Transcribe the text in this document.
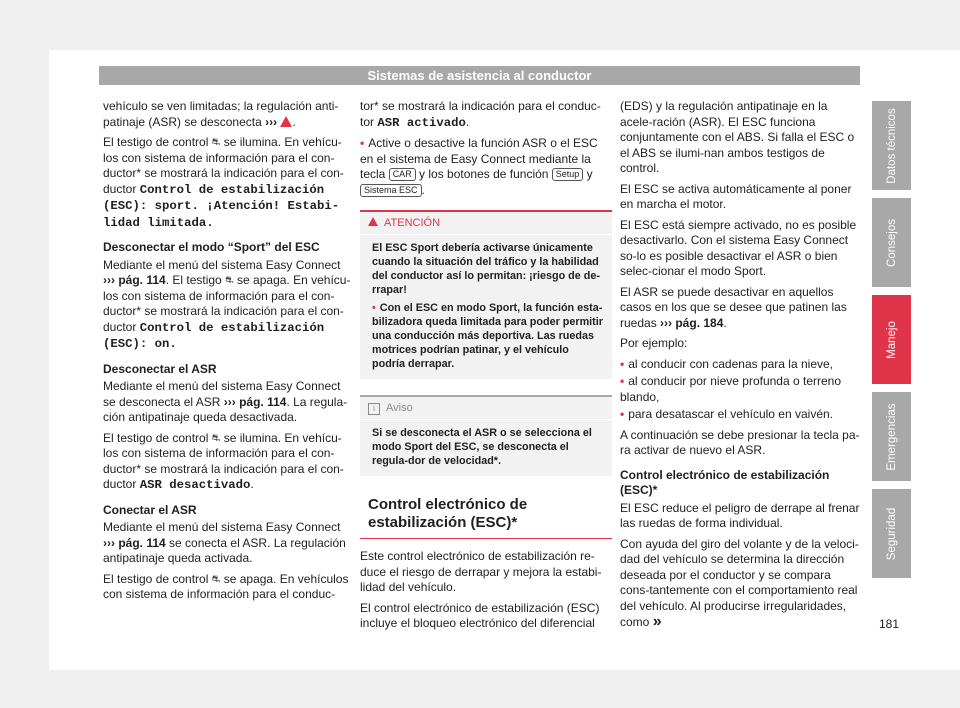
Sistemas de asistencia al conductor

vehículo se ven limitadas; la regulación anti-patinaje (ASR) se desconecta ››› .

El testigo de control ⛐ se ilumina. En vehícu-los con sistema de información para el con-ductor* se mostrará la indicación para el con-ductor Control de estabilización (ESC): sport. ¡Atención! Estabi-lidad limitada.

Desconectar el modo “Sport” del ESC

Mediante el menú del sistema Easy Connect ››› pág. 114. El testigo ⛐ se apaga. En vehícu-los con sistema de información para el con-ductor* se mostrará la indicación para el con-ductor Control de estabilización (ESC): on.

Desconectar el ASR

Mediante el menú del sistema Easy Connect se desconecta el ASR ››› pág. 114. La regula-ción antipatinaje queda desactivada.

El testigo de control ⛐ se ilumina. En vehícu-los con sistema de información para el con-ductor* se mostrará la indicación para el con-ductor ASR desactivado.

Conectar el ASR

Mediante el menú del sistema Easy Connect ››› pág. 114 se conecta el ASR. La regulación antipatinaje queda activada.

El testigo de control ⛐ se apaga. En vehículos con sistema de información para el conduc-

tor* se mostrará la indicación para el conduc-tor ASR activado.

• Active o desactive la función ASR o el ESC en el sistema de Easy Connect mediante la tecla CAR y los botones de función Setup y Sistema ESC .

ATENCIÓN

El ESC Sport debería activarse únicamente cuando la situación del tráfico y la habilidad del conductor así lo permitan: ¡riesgo de de-rrapar!

• Con el ESC en modo Sport, la función esta-bilizadora queda limitada para poder permitir una conducción más deportiva. Las ruedas motrices podrían patinar, y el vehículo podría derrapar.

i Aviso

Si se desconecta el ASR o se selecciona el modo Sport del ESC, se desconecta el regula-dor de velocidad*.

Control electrónico de estabilización (ESC)*

Este control electrónico de estabilización re-duce el riesgo de derrapar y mejora la estabi-lidad del vehículo.

El control electrónico de estabilización (ESC) incluye el bloqueo electrónico del diferencial

(EDS) y la regulación antipatinaje en la acele-ración (ASR). El ESC funciona conjuntamente con el ABS. Si falla el ESC o el ABS se ilumi-nan ambos testigos de control.

El ESC se activa automáticamente al poner en marcha el motor.

El ESC está siempre activado, no es posible desactivarlo. Con el sistema Easy Connect so-lo es posible desactivar el ASR o bien selec-cionar el modo Sport.

El ASR se puede desactivar en aquellos casos en los que se desee que patinen las ruedas ››› pág. 184.

Por ejemplo:

• al conducir con cadenas para la nieve,

• al conducir por nieve profunda o terreno blando,

• para desatascar el vehículo en vaivén.

A continuación se debe presionar la tecla pa-ra activar de nuevo el ASR.

Control electrónico de estabilización (ESC)*

El ESC reduce el peligro de derrape al frenar las ruedas de forma individual.

Con ayuda del giro del volante y de la veloci-dad del vehículo se determina la dirección deseada por el conductor y se compara cons-tantemente con el comportamiento real del vehículo. Al producirse irregularidades, como »

Datos técnicos
Consejos
Manejo
Emergencias
Seguridad
181
